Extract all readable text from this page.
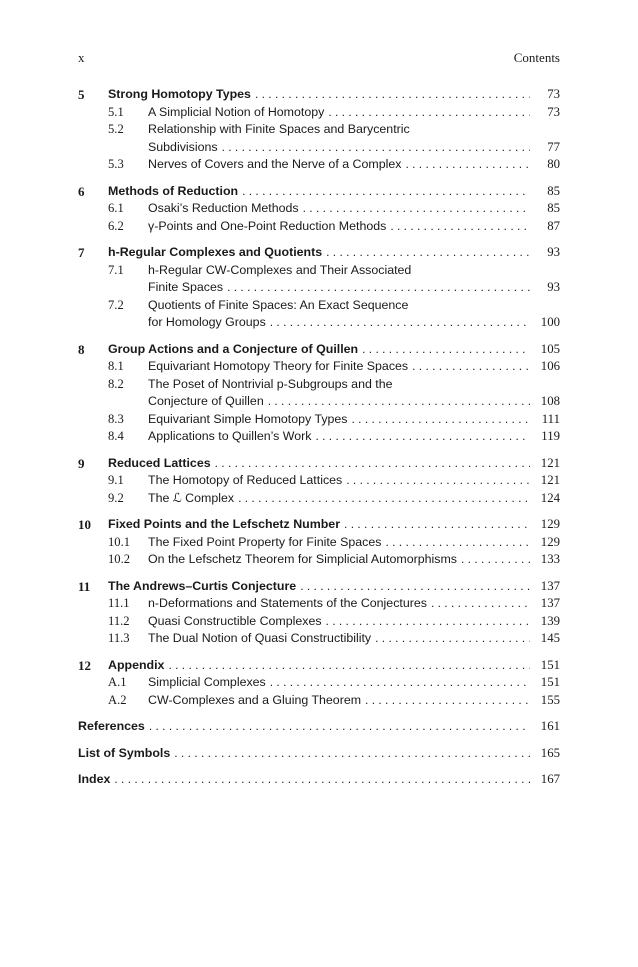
x	Contents
5	Strong Homotopy Types . . .	73
5.1	A Simplicial Notion of Homotopy . . .	73
5.2	Relationship with Finite Spaces and Barycentric
Subdivisions . . .	77
5.3	Nerves of Covers and the Nerve of a Complex . . .	80
6	Methods of Reduction . . .	85
6.1	Osaki’s Reduction Methods . . .	85
6.2	γ-Points and One-Point Reduction Methods . . .	87
7	h-Regular Complexes and Quotients . . .	93
7.1	h-Regular CW-Complexes and Their Associated
Finite Spaces . . .	93
7.2	Quotients of Finite Spaces: An Exact Sequence
for Homology Groups . . .	100
8	Group Actions and a Conjecture of Quillen . . .	105
8.1	Equivariant Homotopy Theory for Finite Spaces . . .	106
8.2	The Poset of Nontrivial p-Subgroups and the
Conjecture of Quillen . . .	108
8.3	Equivariant Simple Homotopy Types . . .	111
8.4	Applications to Quillen’s Work . . .	119
9	Reduced Lattices . . .	121
9.1	The Homotopy of Reduced Lattices . . .	121
9.2	The ℒ Complex . . .	124
10	Fixed Points and the Lefschetz Number . . .	129
10.1	The Fixed Point Property for Finite Spaces . . .	129
10.2	On the Lefschetz Theorem for Simplicial Automorphisms . . .	133
11	The Andrews–Curtis Conjecture . . .	137
11.1	n-Deformations and Statements of the Conjectures . . .	137
11.2	Quasi Constructible Complexes . . .	139
11.3	The Dual Notion of Quasi Constructibility . . .	145
12	Appendix . . .	151
A.1	Simplicial Complexes . . .	151
A.2	CW-Complexes and a Gluing Theorem . . .	155
References . . .	161
List of Symbols . . .	165
Index . . .	167
